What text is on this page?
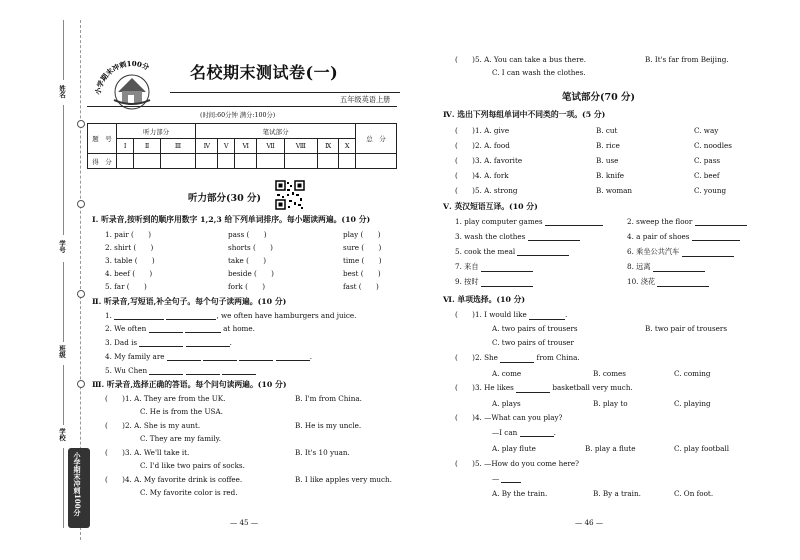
姓名
学号
班级
学校
小学期末冲刺100分
小学期末冲刺100分 名校期末测试卷(一)
五年级英语上册
(时间:60分钟 满分:100分)
题　 号	听力部分			笔试部分							总　分
	Ⅰ	Ⅱ	Ⅲ	Ⅳ	Ⅴ	Ⅵ	Ⅶ	Ⅷ	Ⅸ	Ⅹ	
得　分											
听力部分(30 分)
Ⅰ. 听录音,按听到的顺序用数字 1,2,3 给下列单词排序。每小题读两遍。(10 分)
1. pair (　　)	pass (　　)	play (　　)
2. shirt (　　)	shorts (　　)	sure (　　)
3. table (　　)	take (　　)	time (　　)
4. beef (　　)	beside (　　)	best (　　)
5. far (　　)	fork (　　)	fast (　　)
Ⅱ. 听录音,写短语,补全句子。每个句子读两遍。(10 分)
1.	, we often have hamburgers and juice.
2. We often	at home.
3. Dad is	.
4. My family are	.
5. Wu Chen
Ⅲ. 听录音,选择正确的答语。每个问句读两遍。(10 分)
(　　)1. A. They are from the UK.	B. I'm from China.
C. He is from the USA.
(　　)2. A. She is my aunt.	B. He is my uncle.
C. They are my family.
(　　)3. A. We'll take it.	B. It's 10 yuan.
C. I'd like two pairs of socks.
(　　)4. A. My favorite drink is coffee.	B. I like apples very much.
C. My favorite color is red.
— 45 —
(　　)5. A. You can take a bus there.	B. It's far from Beijing.
C. I can wash the clothes.
笔试部分(70 分)
Ⅳ. 选出下列每组单词中不同类的一项。(5 分)
(　　)1. A. give	B. cut	C. way
(　　)2. A. food	B. rice	C. noodles
(　　)3. A. favorite	B. use	C. pass
(　　)4. A. fork	B. knife	C. beef
(　　)5. A. strong	B. woman	C. young
Ⅴ. 英汉短语互译。(10 分)
1. play computer games	2. sweep the floor
3. wash the clothes	4. a pair of shoes
5. cook the meal	6. 乘坐公共汽车
7. 来自	8. 远离
9. 按时	10. 浇花
Ⅵ. 单项选择。(10 分)
(　　)1. I would like	.
A. two pairs of trousers	B. two pair of trousers
C. two pairs of trouser
(　　)2. She	from China.
A. come	B. comes	C. coming
(　　)3. He likes	basketball very much.
A. plays	B. play to	C. playing
(　　)4. —What can you play?
—I can	.
A. play flute	B. play a flute	C. play football
(　　)5. —How do you come here?
—
A. By the train.	B. By a train.	C. On foot.
— 46 —
